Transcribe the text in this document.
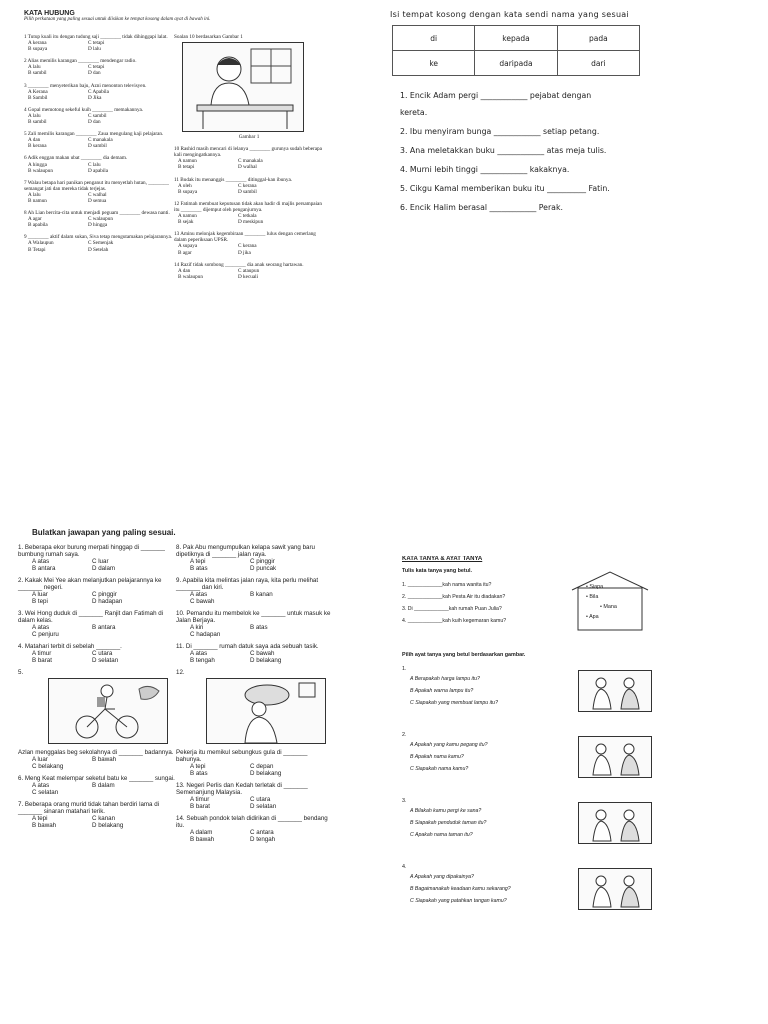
KATA HUBUNG
Pilih perkataan yang paling sesuai untuk diisikan ke tempat kosong dalam ayat di bawah ini.
1 Tutup kuali itu dengan tudung saji ________ tidak dihinggapi lalat.
A kerana	C tetapi
B supaya	D lalu
2 Alias memilis karangan ________ mendengar radio.
A lalu	C tetapi
B sambil	D dan
3 ________ menyeterikan baju, Azni menonton televisyen.
A Kerana	C Apabila
B Sambil	D Jika
4 Gopal memotong sekeful kuih ________ memakannya.
A lalu	C sambil
B sambil	D dan
5 Zali memilis karangan ________ Zaua mengulang kaji pelajaran.
A dan	C manakala
B kerana	D sambil
6 Adik enggan makan ubat ________ dia demam.
A hingga	C lalu
B walaupun	D apabila
7 Walau betapa hari panikan penganut itu menyetlah hutan, ________ semangat jati dan mereka tidak terjejas.
A lalu	C walhal
B namun	D semua
8 Ah Lian bercita-cita untuk menjadi peguam ________ dewasa nanti.
A agar	C walaupun
B apabila	D hingga
9 ________ aktif dalam sukan, Siva tetap mengutamakan pelajarannya.
A Walaupun	C Semenjak
B Tetapi	D Setelah
Soalan 10 berdasarkan Gambar 1
Gambar 1
10 Rashid masih mencari di lelanya ________ gurunya sudah beberapa kali mengingatkannya.
A namun	C manakala
B tetapi	D walhal
11 Budak itu menanggis ________ ditinggal-kan ibunya.
A oleh	C kerana
B supaya	D sambil
12 Fatimah membuat keputusan tidak akan hadir di majlis persampaian itu ________ dijemput oleh penganjurnya.
A namun	C tetkala
B sejak	D meskipun
13 Aminu melonjak kegembiraan ________ lulus dengan cemerlang dalam peperiksaan UPSR.
A supaya	C kerana
B agar	D jika
14 Razif tidak sombong ________ dia anak seorang hartawan.
A dan	C ataupun
B walaupun	D kecuali
Isi tempat kosong dengan kata sendi nama yang sesuai
di	kepada	pada
ke	daripada	dari
1. Encik Adam pergi ____________ pejabat dengan
kereta.
2. Ibu menyiram bunga ____________ setiap petang.
3. Ana meletakkan buku ____________ atas meja tulis.
4. Murni lebih tinggi ____________ kakaknya.
5. Cikgu Kamal memberikan buku itu __________ Fatin.
6. Encik Halim berasal ____________ Perak.
Bulatkan jawapan yang paling sesuai.
1. Beberapa ekor burung merpati hinggap di _______ bumbung rumah saya.
A atas	C luar
B antara	D dalam
2. Kakak Mei Yee akan melanjutkan pelajarannya ke _______ negeri.
A luar	C pinggir
B tepi	D hadapan
3. Wei Hong duduk di _______ Ranjit dan Fatimah di dalam kelas.
A atas	B antara
C penjuru
4. Matahari terbit di sebelah _______.
A timur	C utara
B barat	D selatan
5.
Azlan menggalas beg sekolahnya di _______ badannya.
A luar	B bawah
C belakang
6. Meng Keat melempar seketul batu ke _______ sungai.
A atas	B dalam
C selatan
7. Beberapa orang murid tidak tahan berdiri lama di _______ sinaran matahari terik.
A tepi	C kanan
B bawah	D belakang
8. Pak Abu mengumpulkan kelapa sawit yang baru dipetiknya di _______ jalan raya.
A tepi	C pinggir
B atas	D puncak
9. Apabila kita melintas jalan raya, kita perlu melihat _______ dan kiri.
A atas	B kanan
C bawah
10. Pemandu itu membelok ke _______ untuk masuk ke Jalan Berjaya.
A kiri	B atas
C hadapan
11. Di _______ rumah datuk saya ada sebuah tasik.
A atas	C bawah
B tengah	D belakang
12.
Pekerja itu memikul sebungkus gula di _______ bahunya.
A tepi	C depan
B atas	D belakang
13. Negeri Perlis dan Kedah terletak di _______ Semenanjung Malaysia.
A timur	C utara
B barat	D selatan
14. Sebuah pondok telah didirikan di _______ bendang itu.
A dalam	C antara
B bawah	D tengah
KATA TANYA & AYAT TANYA
Tulis kata tanya yang betul.
1. ____________kah nama wanita itu?
2. ____________kah Pesta Air itu diadakan?
3. Di ____________kah rumah Puan Julia?
4. ____________kah kuih kegemaran kamu?
• Siapa
• Bila
• Mana
• Apa
Pilih ayat tanya yang betul berdasarkan gambar.
1.
A Berapakah harga lampu itu?
B Apakah warna lampu itu?
C Siapakah yang membuat lampu itu?
2.
A Apakah yang kamu pegang itu?
B Apakah nama kamu?
C Siapakah nama kamu?
3.
A Bilakah kamu pergi ke sana?
B Siapakah penduduk taman itu?
C Apakah nama taman itu?
4.
A Apakah yang dipakainya?
B Bagaimanakah keadaan kamu sekarang?
C Siapakah yang patahkan tangan kamu?
